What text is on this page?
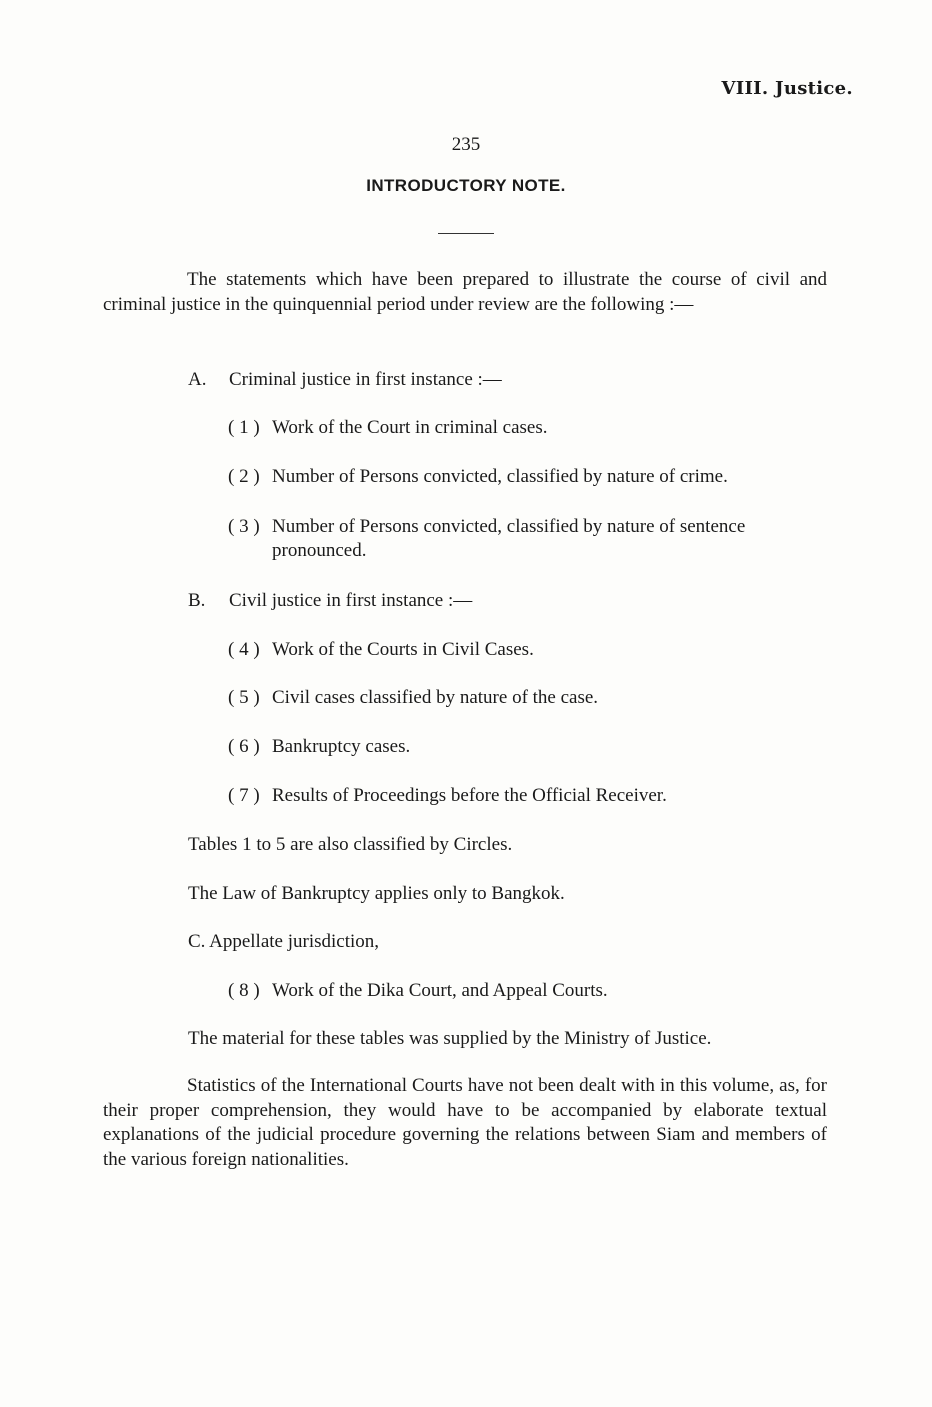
VIII. Justice.
235
INTRODUCTORY NOTE.
The statements which have been prepared to illustrate the course of civil and criminal justice in the quinquennial period under review are the following :—
A. Criminal justice in first instance :—
( 1 ) Work of the Court in criminal cases.
( 2 ) Number of Persons convicted, classified by nature of crime.
( 3 ) Number of Persons convicted, classified by nature of sentence
pronounced.
B. Civil justice in first instance :—
( 4 ) Work of the Courts in Civil Cases.
( 5 ) Civil cases classified by nature of the case.
( 6 ) Bankruptcy cases.
( 7 ) Results of Proceedings before the Official Receiver.
Tables 1 to 5 are also classified by Circles.
The Law of Bankruptcy applies only to Bangkok.
C. Appellate jurisdiction,
( 8 ) Work of the Dika Court, and Appeal Courts.
The material for these tables was supplied by the Ministry of Justice.
Statistics of the International Courts have not been dealt with in this volume, as, for their proper comprehension, they would have to be accompanied by elaborate textual explanations of the judicial procedure governing the relations between Siam and members of the various foreign nationalities.
